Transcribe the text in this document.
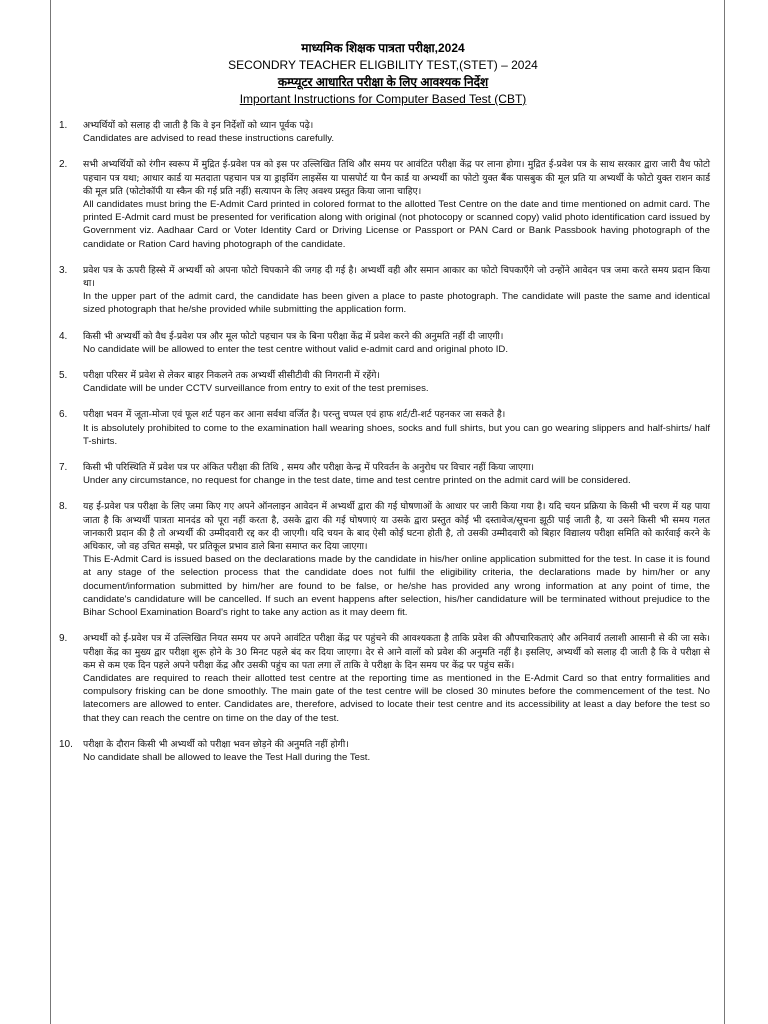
माध्यमिक शिक्षक पात्रता परीक्षा,2024
SECONDRY TEACHER ELIGBILITY TEST,(STET) – 2024
कम्प्यूटर आधारित परीक्षा के लिए आवश्यक निर्देश
Important Instructions for Computer Based Test (CBT)
1. अभ्यर्थियों को सलाह दी जाती है कि वे इन निर्देशों को ध्यान पूर्वक पढ़े।

Candidates are advised to read these instructions carefully.

2. सभी अभ्यर्थियों को रंगीन स्वरूप में मुद्रित ई-प्रवेश पत्र को इस पर उल्लिखित तिथि और समय पर आवंटित परीक्षा केंद्र पर लाना होगा। मुद्रित ई-प्रवेश पत्र के साथ सरकार द्वारा जारी वैध फोटो पहचान पत्र यथा; आधार कार्ड या मतदाता पहचान पत्र या ड्राइविंग लाइसेंस या पासपोर्ट या पैन कार्ड या अभ्यर्थी का फोटो युक्त बैंक पासबुक की मूल प्रति या अभ्यर्थी के फोटो युक्त राशन कार्ड की मूल प्रति (फोटोकॉपी या स्कैन की गई प्रति नहीं) सत्यापन के लिए अवश्य प्रस्तुत किया जाना चाहिए।

All candidates must bring the E-Admit Card printed in colored format to the allotted Test Centre on the date and time mentioned on admit card. The printed E-Admit card must be presented for verification along with original (not photocopy or scanned copy) valid photo identification card issued by Government viz. Aadhaar Card or Voter Identity Card or Driving License or Passport or PAN Card or Bank Passbook having photograph of the candidate or Ration Card having photograph of the candidate.

3. प्रवेश पत्र के ऊपरी हिस्से में अभ्यर्थी को अपना फोटो चिपकाने की जगह दी गई है। अभ्यर्थी वही और समान आकार का फोटो चिपकाएँगे जो उन्होंने आवेदन पत्र जमा करते समय प्रदान किया था।

In the upper part of the admit card, the candidate has been given a place to paste photograph. The candidate will paste the same and identical sized photograph that he/she provided while submitting the application form.

4. किसी भी अभ्यर्थी को वैध ई-प्रवेश पत्र और मूल फोटो पहचान पत्र के बिना परीक्षा केंद्र में प्रवेश करने की अनुमति नहीं दी जाएगी।

No candidate will be allowed to enter the test centre without valid e-admit card and original photo ID.

5. परीक्षा परिसर में प्रवेश से लेकर बाहर निकलने तक अभ्यर्थी सीसीटीवी की निगरानी में रहेंगे।

Candidate will be under CCTV surveillance from entry to exit of the test premises.

6. परीक्षा भवन में जूता-मोजा एवं फूल शर्ट पहन कर आना सर्वथा वर्जित है। परन्तु चप्पल एवं हाफ शर्ट/टी-शर्ट पहनकर जा सकते है।

It is absolutely prohibited to come to the examination hall wearing shoes, socks and full shirts, but you can go wearing slippers and half-shirts/ half T-shirts.

7. किसी भी परिस्थिति में प्रवेश पत्र पर अंकित परीक्षा की तिथि , समय और परीक्षा केन्द्र में परिवर्तन के अनुरोध पर विचार नहीं किया जाएगा।

Under any circumstance, no request for change in the test date, time and test centre printed on the admit card will be considered.

8. यह ई-प्रवेश पत्र परीक्षा के लिए जमा किए गए अपने ऑनलाइन आवेदन में अभ्यर्थी द्वारा की गई घोषणाओं के आधार पर जारी किया गया है। यदि चयन प्रक्रिया के किसी भी चरण में यह पाया जाता है कि अभ्यर्थी पात्रता मानदंड को पूरा नहीं करता है, उसके द्वारा की गई घोषणाएं या उसके द्वारा प्रस्तुत कोई भी दस्तावेज/सूचना झूठी पाई जाती है, या उसने किसी भी समय गलत जानकारी प्रदान की है तो अभ्यर्थी की उम्मीदवारी रद्द कर दी जाएगी। यदि चयन के बाद ऐसी कोई घटना होती है, तो उसकी उम्मीदवारी को बिहार विद्यालय परीक्षा समिति को कार्रवाई करने के अधिकार, जो वह उचित समझे, पर प्रतिकूल प्रभाव डाले बिना समाप्त कर दिया जाएगा।

This E-Admit Card is issued based on the declarations made by the candidate in his/her online application submitted for the test. In case it is found at any stage of the selection process that the candidate does not fulfil the eligibility criteria, the declarations made by him/her or any document/information submitted by him/her are found to be false, or he/she has provided any wrong information at any point of time, the candidate's candidature will be cancelled. If such an event happens after selection, his/her candidature will be terminated without prejudice to the Bihar School Examination Board's right to take any action as it may deem fit.

9. अभ्यर्थी को ई-प्रवेश पत्र में उल्लिखित नियत समय पर अपने आवंटित परीक्षा केंद्र पर पहुंचने की आवश्यकता है ताकि प्रवेश की औपचारिकताएं और अनिवार्य तलाशी आसानी से की जा सके। परीक्षा केंद्र का मुख्य द्वार परीक्षा शुरू होने के 30 मिनट पहले बंद कर दिया जाएगा। देर से आने वालों को प्रवेश की अनुमति नहीं है। इसलिए, अभ्यर्थी को सलाह दी जाती है कि वे परीक्षा से कम से कम एक दिन पहले अपने परीक्षा केंद्र और उसकी पहुंच का पता लगा लें ताकि वे परीक्षा के दिन समय पर केंद्र पर पहुंच सकें।

Candidates are required to reach their allotted test centre at the reporting time as mentioned in the E-Admit Card so that entry formalities and compulsory frisking can be done smoothly. The main gate of the test centre will be closed 30 minutes before the commencement of the test. No latecomers are allowed to enter. Candidates are, therefore, advised to locate their test centre and its accessibility at least a day before the test so that they can reach the centre on time on the day of the test.

10. परीक्षा के दौरान किसी भी अभ्यर्थी को परीक्षा भवन छोड़ने की अनुमति नहीं होगी।

No candidate shall be allowed to leave the Test Hall during the Test.
